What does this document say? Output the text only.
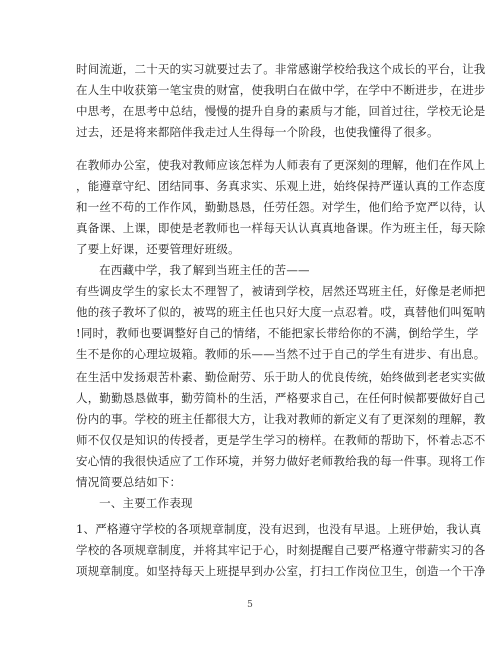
时间流逝，二十天的实习就要过去了。非常感谢学校给我这个成长的平台，让我
在人生中收获第一笔宝贵的财富，使我明白在做中学，在学中不断进步，在进步
中思考，在思考中总结，慢慢的提升自身的素质与才能，回首过往，学校无论是
过去，还是将来都陪伴我走过人生得每一个阶段，也使我懂得了很多。
在教师办公室，使我对教师应该怎样为人师表有了更深刻的理解，他们在作风上
，能遵章守纪、团结同事、务真求实、乐观上进，始终保持严谨认真的工作态度
和一丝不苟的工作作风，勤勤恳恳，任劳任怨。对学生，他们给予宽严以待，认
真备课、上课，即使是老教师也一样每天认认真真地备课。作为班主任，每天除
了要上好课，还要管理好班级。
在西藏中学，我了解到当班主任的苦——
有些调皮学生的家长太不理智了，被请到学校，居然还骂班主任，好像是老师把
他的孩子教坏了似的，被骂的班主任也只好大度一点忍着。哎，真替他们叫冤呐
!同时，教师也要调整好自己的情绪，不能把家长带给你的不满，倒给学生，学
生不是你的心理垃圾箱。教师的乐——当然不过于自己的学生有进步、有出息。
在生活中发扬艰苦朴素、勤俭耐劳、乐于助人的优良传统，始终做到老老实实做
人，勤勤恳恳做事，勤劳简朴的生活，严格要求自己，在任何时候都要做好自己
份内的事。学校的班主任都很大方，让我对教师的新定义有了更深刻的理解，教
师不仅仅是知识的传授者，更是学生学习的榜样。在教师的帮助下，怀着忐忑不
安心情的我很快适应了工作环境，并努力做好老师教给我的每一件事。现将工作
情况简要总结如下：
一、主要工作表现
1、严格遵守学校的各项规章制度，没有迟到，也没有早退。上班伊始，我认真
学校的各项规章制度，并将其牢记于心，时刻提醒自己要严格遵守带薪实习的各
项规章制度。如坚持每天上班提早到办公室，打扫工作岗位卫生，创造一个干净
5
